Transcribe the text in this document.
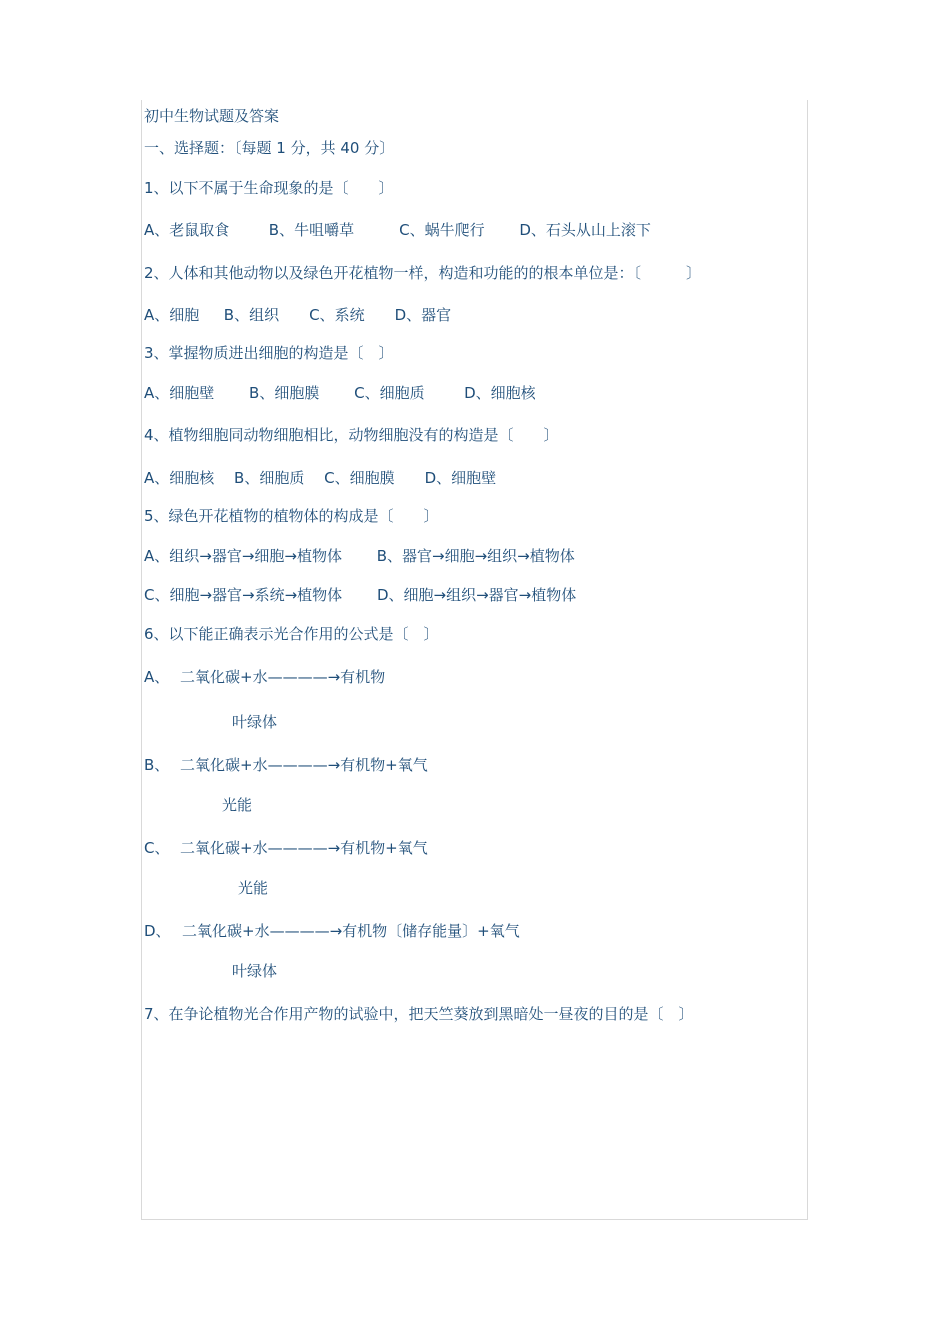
初中生物试题及答案
一、选择题：〔每题 1 分，共 40 分〕
1、以下不属于生命现象的是〔　　〕
A、老鼠取食　　  B、牛咀嚼草　　　C、蜗牛爬行　　 D、石头从山上滚下
2、人体和其他动物以及绿色开花植物一样，构造和功能的的根本单位是：〔　　　〕
A、细胞　  B、组织　　C、系统　　D、器官
3、掌握物质进出细胞的构造是〔　〕
A、细胞壁　　 B、细胞膜　　 C、细胞质　　  D、细胞核
4、植物细胞同动物细胞相比，动物细胞没有的构造是〔　　〕
A、细胞核　 B、细胞质　 C、细胞膜　　D、细胞壁
5、绿色开花植物的植物体的构成是〔　　〕
A、组织→器官→细胞→植物体　　 B、器官→细胞→组织→植物体
C、细胞→器官→系统→植物体　　 D、细胞→组织→器官→植物体
6、以下能正确表示光合作用的公式是〔　〕
A、 二氧化碳+水————→有机物
叶绿体
B、 二氧化碳+水————→有机物+氧气
光能
C、 二氧化碳+水————→有机物+氧气
光能
D、 二氧化碳+水————→有机物〔储存能量〕+氧气
叶绿体
7、在争论植物光合作用产物的试验中，把天竺葵放到黑暗处一昼夜的目的是〔　〕
